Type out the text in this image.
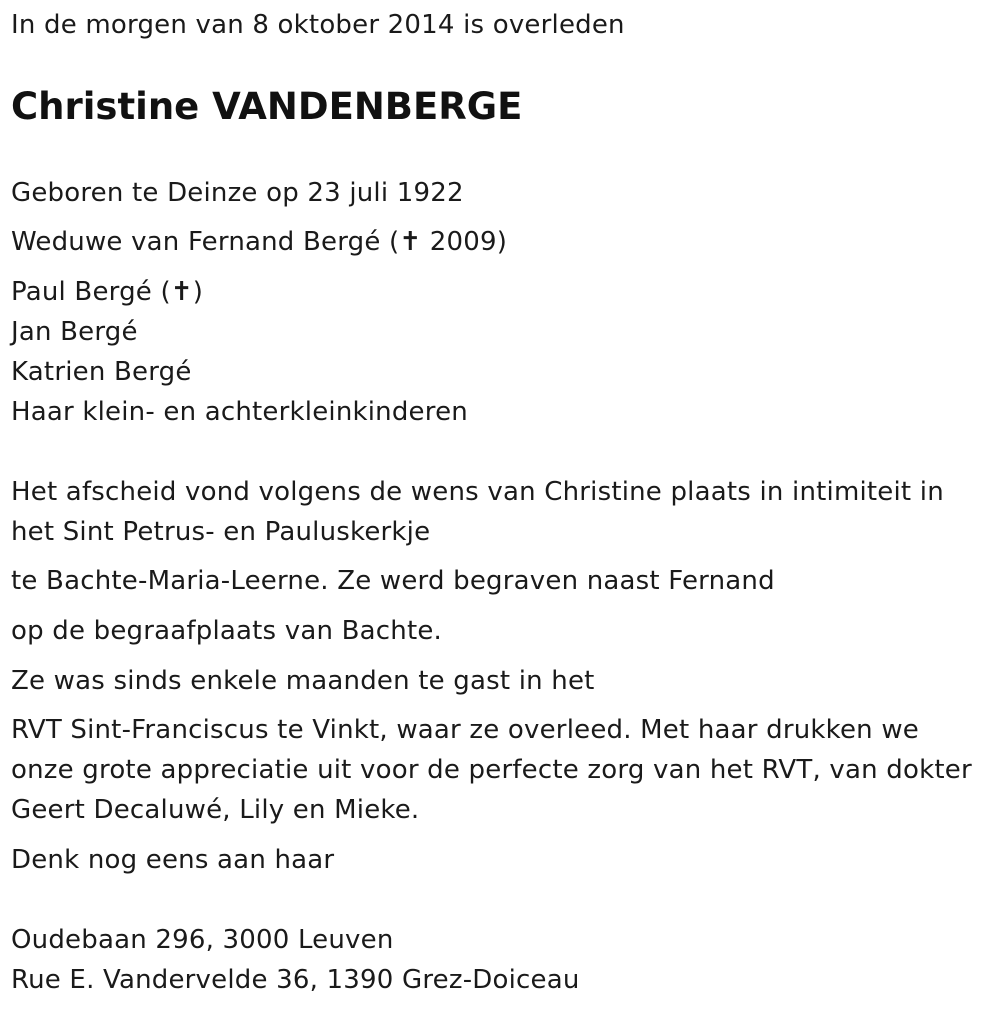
In de morgen van 8 oktober 2014 is overleden
Christine VANDENBERGE
Geboren te Deinze op 23 juli 1922
Weduwe van Fernand Bergé (✝ 2009)
Paul Bergé (✝)
Jan Bergé
Katrien Bergé
Haar klein- en achterkleinkinderen
Het afscheid vond volgens de wens van Christine plaats in intimiteit in
het Sint Petrus- en Pauluskerkje
te Bachte-Maria-Leerne. Ze werd begraven naast Fernand
op de begraafplaats van Bachte.
Ze was sinds enkele maanden te gast in het
RVT Sint-Franciscus te Vinkt, waar ze overleed. Met haar drukken we
onze grote appreciatie uit voor de perfecte zorg van het RVT, van dokter
Geert Decaluwé, Lily en Mieke.
Denk nog eens aan haar
Oudebaan 296, 3000 Leuven
Rue E. Vandervelde 36, 1390 Grez-Doiceau
